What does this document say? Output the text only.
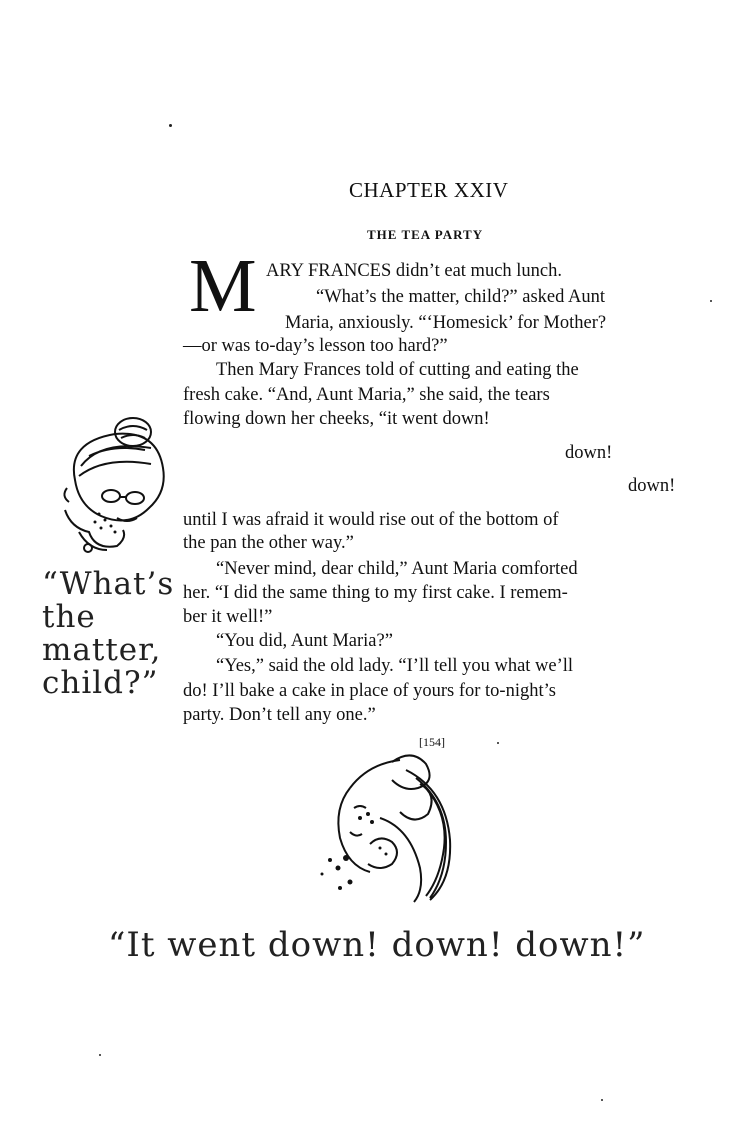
CHAPTER XXIV
THE TEA PARTY
M ARY FRANCES didn’t eat much lunch.
“What’s the matter, child?” asked Aunt
Maria, anxiously. “‘Homesick’ for Mother?
—or was to-day’s lesson too hard?”
Then Mary Frances told of cutting and eating the
fresh cake. “And, Aunt Maria,” she said, the tears
flowing down her cheeks, “it went down!
down!
down!
until I was afraid it would rise out of the bottom of
the pan the other way.”
“Never mind, dear child,” Aunt Maria comforted
her. “I did the same thing to my first cake. I remem-
ber it well!”
“You did, Aunt Maria?”
“Yes,” said the old lady. “I’ll tell you what we’ll
do! I’ll bake a cake in place of yours for to-night’s
party. Don’t tell any one.”
[154]
“What’s
the
matter,
child?”
“It went down! down! down!”
